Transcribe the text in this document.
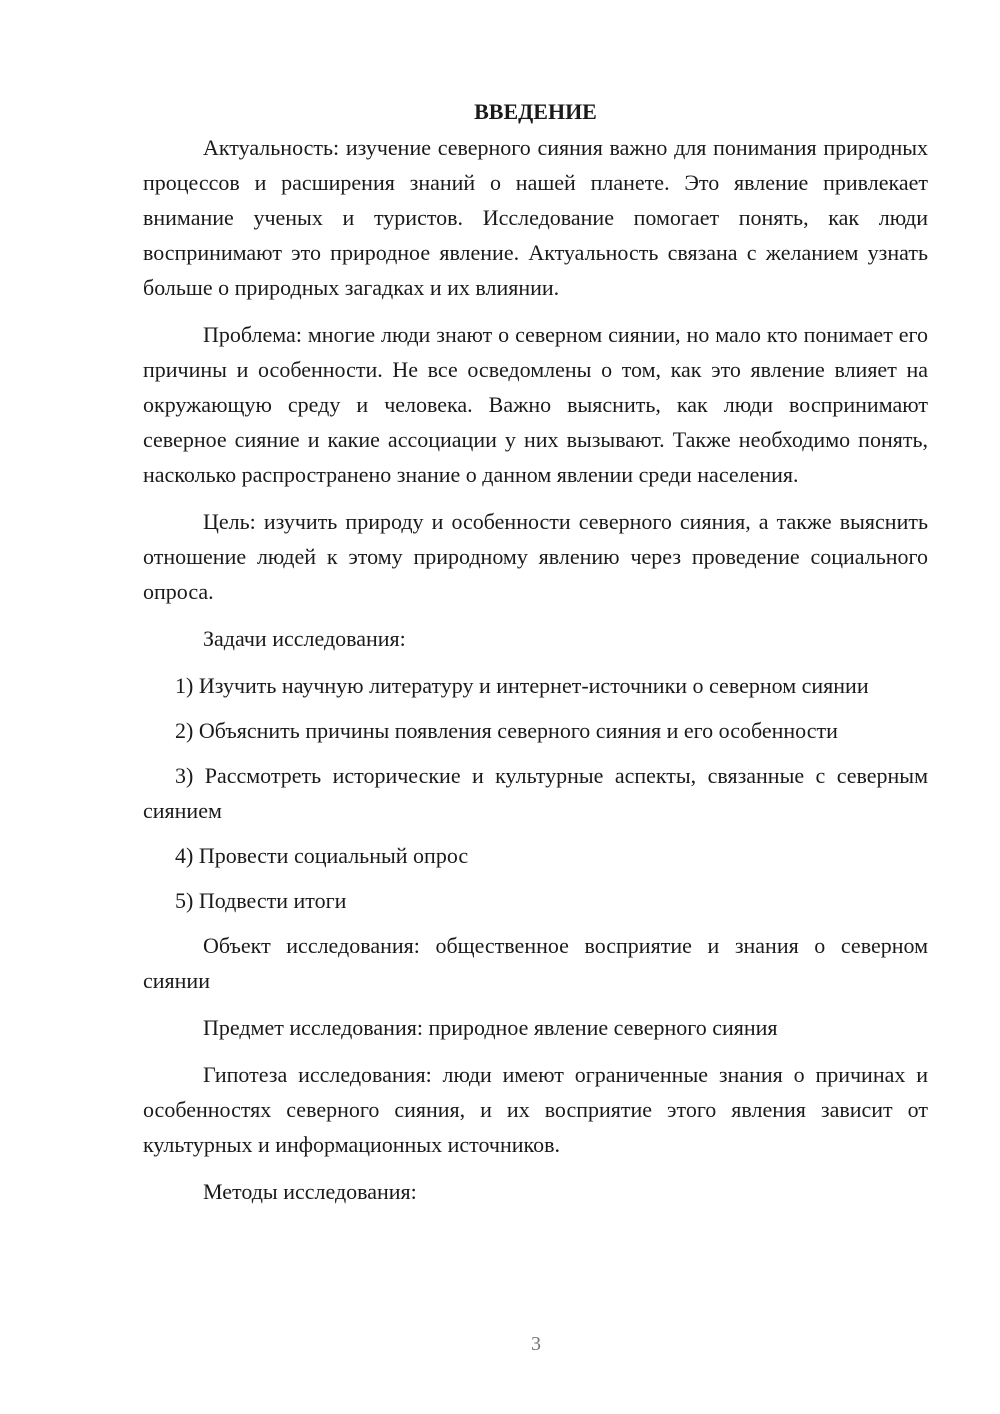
ВВЕДЕНИЕ

Актуальность: изучение северного сияния важно для понимания природных процессов и расширения знаний о нашей планете. Это явление привлекает внимание ученых и туристов. Исследование помогает понять, как люди воспринимают это природное явление. Актуальность связана с желанием узнать больше о природных загадках и их влиянии.

Проблема: многие люди знают о северном сиянии, но мало кто понимает его причины и особенности. Не все осведомлены о том, как это явление влияет на окружающую среду и человека. Важно выяснить, как люди воспринимают северное сияние и какие ассоциации у них вызывают. Также необходимо понять, насколько распространено знание о данном явлении среди населения.

Цель: изучить природу и особенности северного сияния, а также выяснить отношение людей к этому природному явлению через проведение социального опроса.

Задачи исследования:

1) Изучить научную литературу и интернет-источники о северном сиянии

2) Объяснить причины появления северного сияния и его особенности

3) Рассмотреть исторические и культурные аспекты, связанные с северным сиянием

4) Провести социальный опрос

5) Подвести итоги

Объект исследования: общественное восприятие и знания о северном сиянии

Предмет исследования: природное явление северного сияния

Гипотеза исследования: люди имеют ограниченные знания о причинах и особенностях северного сияния, и их восприятие этого явления зависит от культурных и информационных источников.

Методы исследования:

3
